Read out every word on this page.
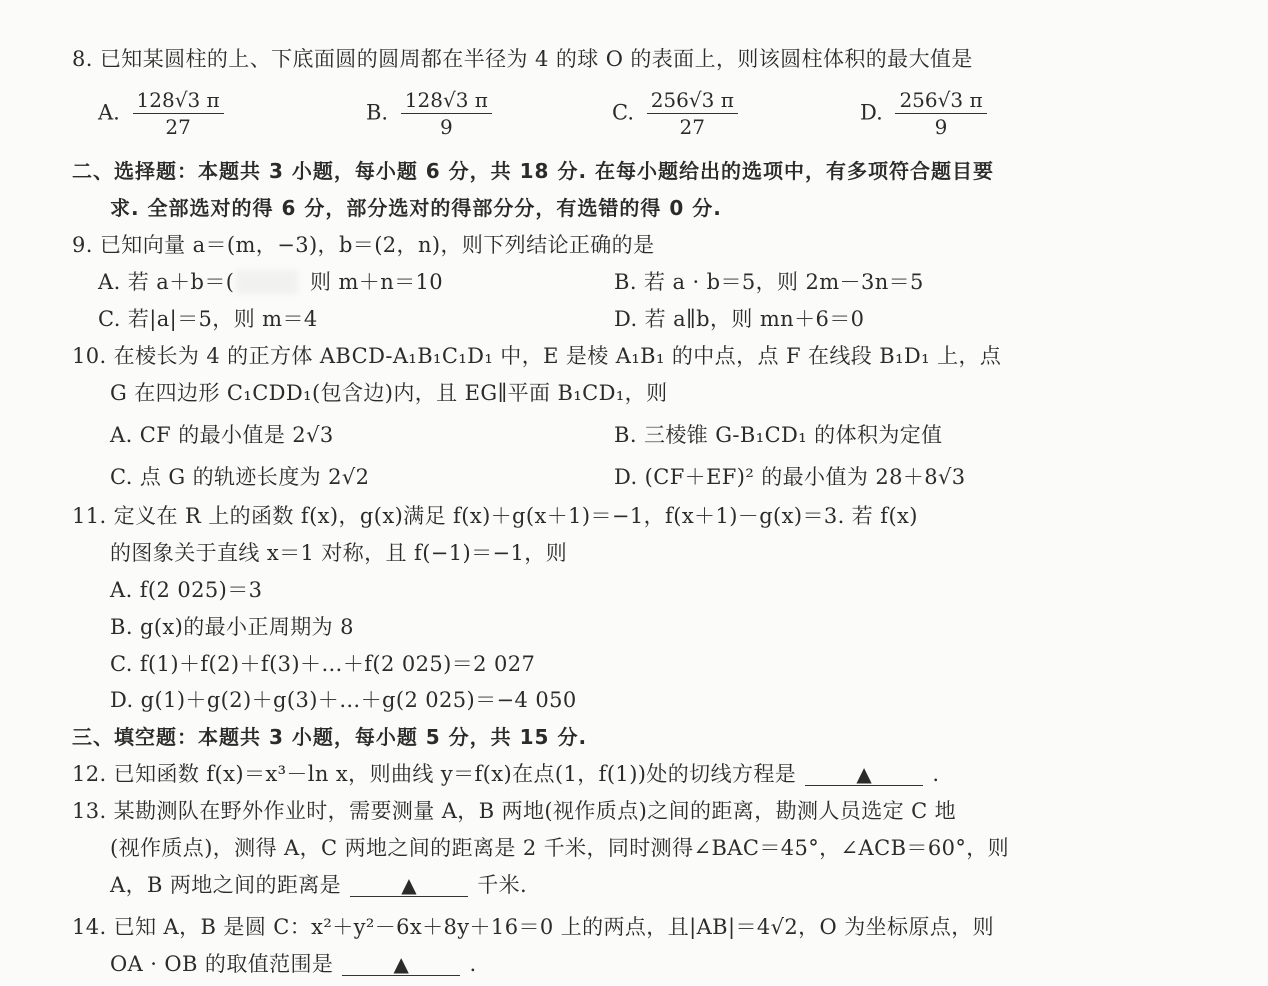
8. 已知某圆柱的上、下底面圆的圆周都在半径为 4 的球 O 的表面上，则该圆柱体积的最大值是
A. $\frac{128√3 \pi}{27}$	B. $\frac{128√3 \pi}{9}$	C. $\frac{256√3 \pi}{27}$	D. $\frac{256√3 \pi}{9}$
二、选择题：本题共 3 小题，每小题 6 分，共 18 分. 在每小题给出的选项中，有多项符合题目要
求. 全部选对的得 6 分，部分选对的得部分分，有选错的得 0 分.
9. 已知向量 a＝(m，−3)，b＝(2，n)，则下列结论正确的是
A. 若 a＋b＝(	则 m＋n＝10	B. 若 a · b＝5，则 2m－3n＝5
C. 若|a|＝5，则 m＝4	D. 若 a∥b，则 mn＋6＝0
10. 在棱长为 4 的正方体 ABCD‑A₁B₁C₁D₁ 中，E 是棱 A₁B₁ 的中点，点 F 在线段 B₁D₁ 上，点
G 在四边形 C₁CDD₁(包含边)内，且 EG∥平面 B₁CD₁，则
A. CF 的最小值是 2√3	B. 三棱锥 G‑B₁CD₁ 的体积为定值
C. 点 G 的轨迹长度为 2√2	D. (CF＋EF)² 的最小值为 28＋8√3
11. 定义在 R 上的函数 f(x)，g(x)满足 f(x)＋g(x＋1)＝−1，f(x＋1)－g(x)＝3. 若 f(x)
的图象关于直线 x＝1 对称，且 f(−1)＝−1，则
A. f(2 025)＝3
B. g(x)的最小正周期为 8
C. f(1)＋f(2)＋f(3)＋…＋f(2 025)＝2 027
D. g(1)＋g(2)＋g(3)＋…＋g(2 025)＝−4 050
三、填空题：本题共 3 小题，每小题 5 分，共 15 分.
12. 已知函数 f(x)＝x³－ln x，则曲线 y＝f(x)在点(1，f(1))处的切线方程是	▲	.
13. 某勘测队在野外作业时，需要测量 A，B 两地(视作质点)之间的距离，勘测人员选定 C 地
(视作质点)，测得 A，C 两地之间的距离是 2 千米，同时测得∠BAC＝45°，∠ACB＝60°，则
A，B 两地之间的距离是	▲	千米.
14. 已知 A，B 是圆 C：x²＋y²－6x＋8y＋16＝0 上的两点，且|AB|＝4√2，O 为坐标原点，则
OA · OB 的取值范围是	▲	.
